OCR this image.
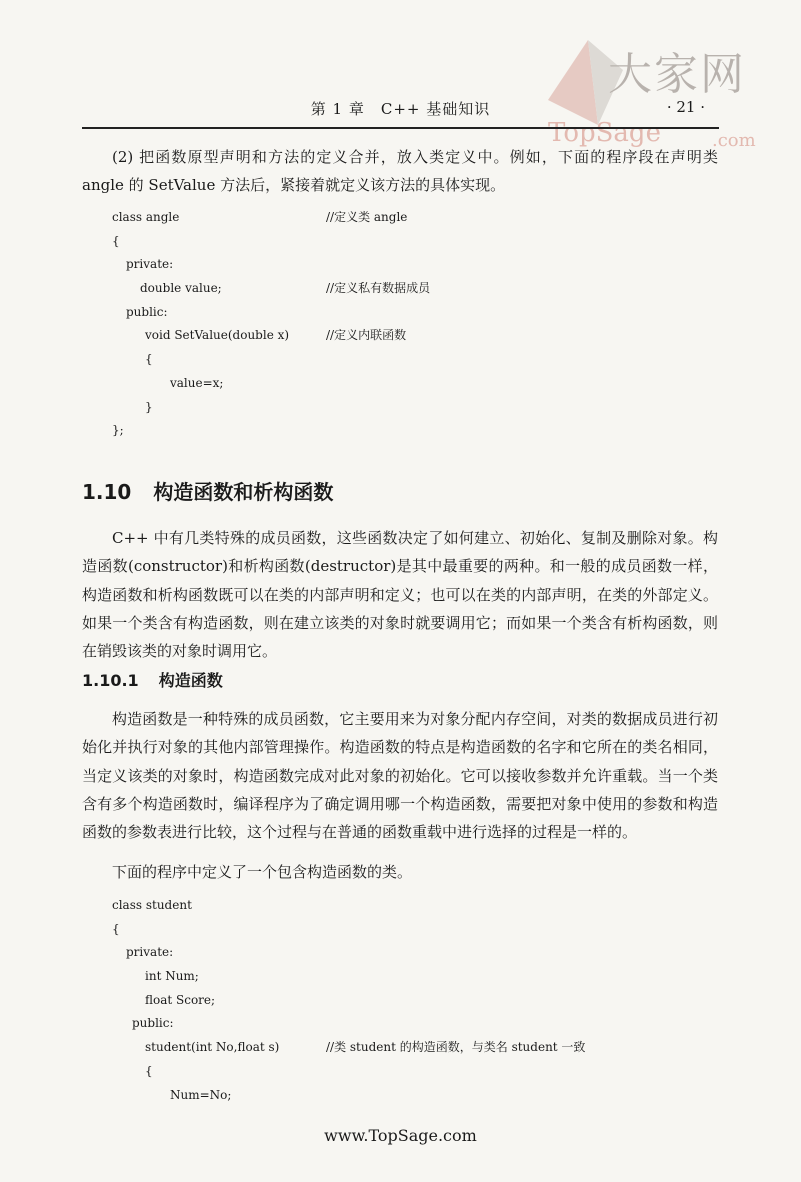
大家网
TopSage	.com
第 1 章　C++ 基础知识	· 21 ·
(2) 把函数原型声明和方法的定义合并，放入类定义中。例如，下面的程序段在声明类 angle 的 SetValue 方法后，紧接着就定义该方法的具体实现。
class angle	//定义类 angle
{
private:
double value;	//定义私有数据成员
public:
void SetValue(double x)	//定义内联函数
{
value=x;
}
};
1.10 构造函数和析构函数
C++ 中有几类特殊的成员函数，这些函数决定了如何建立、初始化、复制及删除对象。构造函数(constructor)和析构函数(destructor)是其中最重要的两种。和一般的成员函数一样，构造函数和析构函数既可以在类的内部声明和定义；也可以在类的内部声明，在类的外部定义。如果一个类含有构造函数，则在建立该类的对象时就要调用它；而如果一个类含有析构函数，则在销毁该类的对象时调用它。
1.10.1 构造函数
构造函数是一种特殊的成员函数，它主要用来为对象分配内存空间，对类的数据成员进行初始化并执行对象的其他内部管理操作。构造函数的特点是构造函数的名字和它所在的类名相同，当定义该类的对象时，构造函数完成对此对象的初始化。它可以接收参数并允许重载。当一个类含有多个构造函数时，编译程序为了确定调用哪一个构造函数，需要把对象中使用的参数和构造函数的参数表进行比较，这个过程与在普通的函数重载中进行选择的过程是一样的。
下面的程序中定义了一个包含构造函数的类。
class student
{
private:
int Num;
float Score;
public:
student(int No,float s)	//类 student 的构造函数，与类名 student 一致
{
Num=No;
www.TopSage.com
